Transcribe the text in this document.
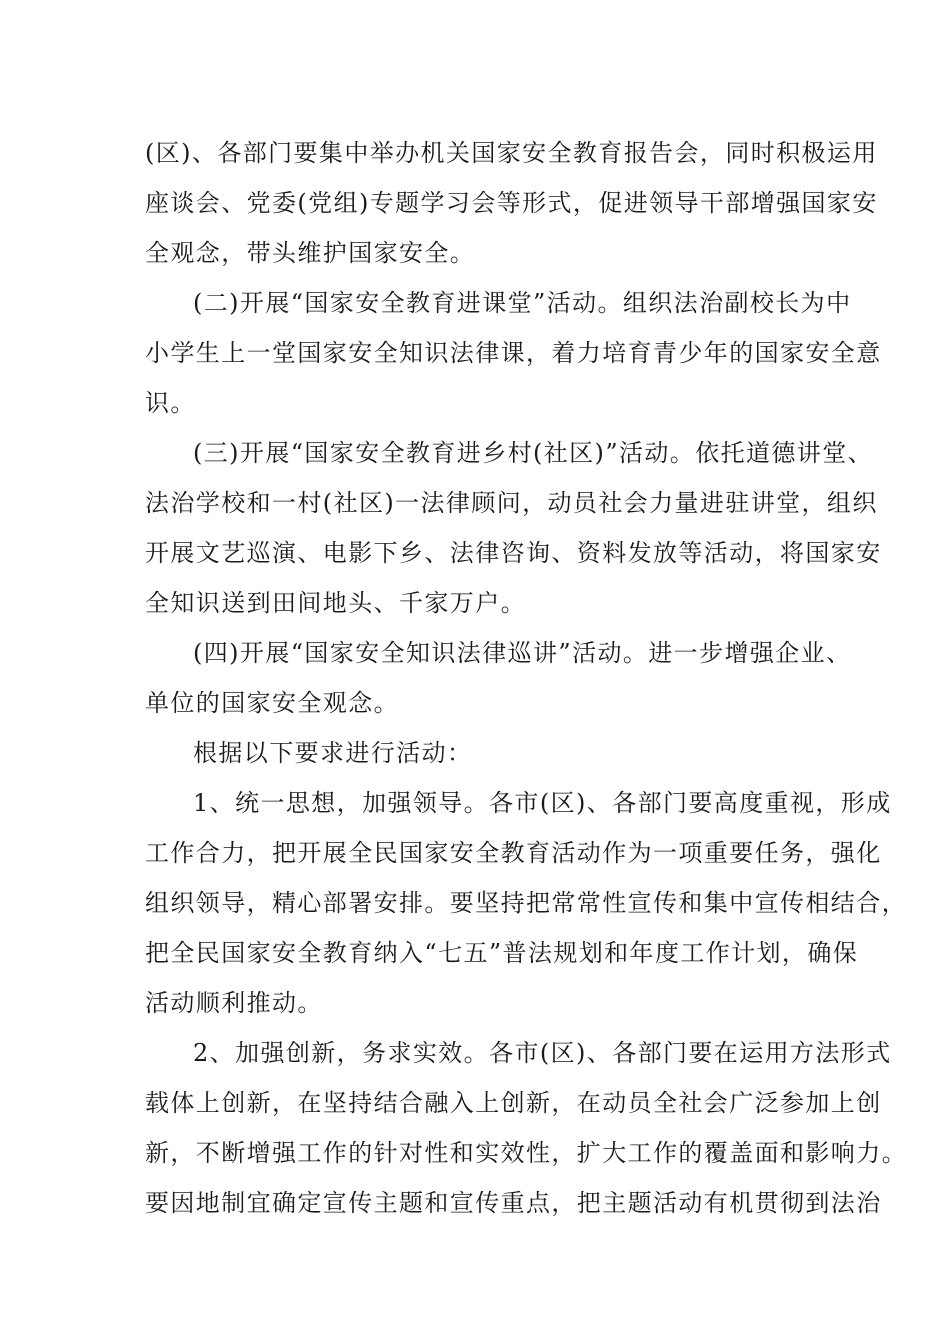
(区)、各部门要集中举办机关国家安全教育报告会，同时积极运用
座谈会、党委(党组)专题学习会等形式，促进领导干部增强国家安
全观念，带头维护国家安全。
(二)开展“国家安全教育进课堂”活动。组织法治副校长为中
小学生上一堂国家安全知识法律课，着力培育青少年的国家安全意
识。
(三)开展“国家安全教育进乡村(社区)”活动。依托道德讲堂、
法治学校和一村(社区)一法律顾问，动员社会力量进驻讲堂，组织
开展文艺巡演、电影下乡、法律咨询、资料发放等活动，将国家安
全知识送到田间地头、千家万户。
(四)开展“国家安全知识法律巡讲”活动。进一步增强企业、
单位的国家安全观念。
根据以下要求进行活动：
1、统一思想，加强领导。各市(区)、各部门要高度重视，形成
工作合力，把开展全民国家安全教育活动作为一项重要任务，强化
组织领导，精心部署安排。要坚持把常常性宣传和集中宣传相结合，
把全民国家安全教育纳入“七五”普法规划和年度工作计划，确保
活动顺利推动。
2、加强创新，务求实效。各市(区)、各部门要在运用方法形式
载体上创新，在坚持结合融入上创新，在动员全社会广泛参加上创
新，不断增强工作的针对性和实效性，扩大工作的覆盖面和影响力。
要因地制宜确定宣传主题和宣传重点，把主题活动有机贯彻到法治
